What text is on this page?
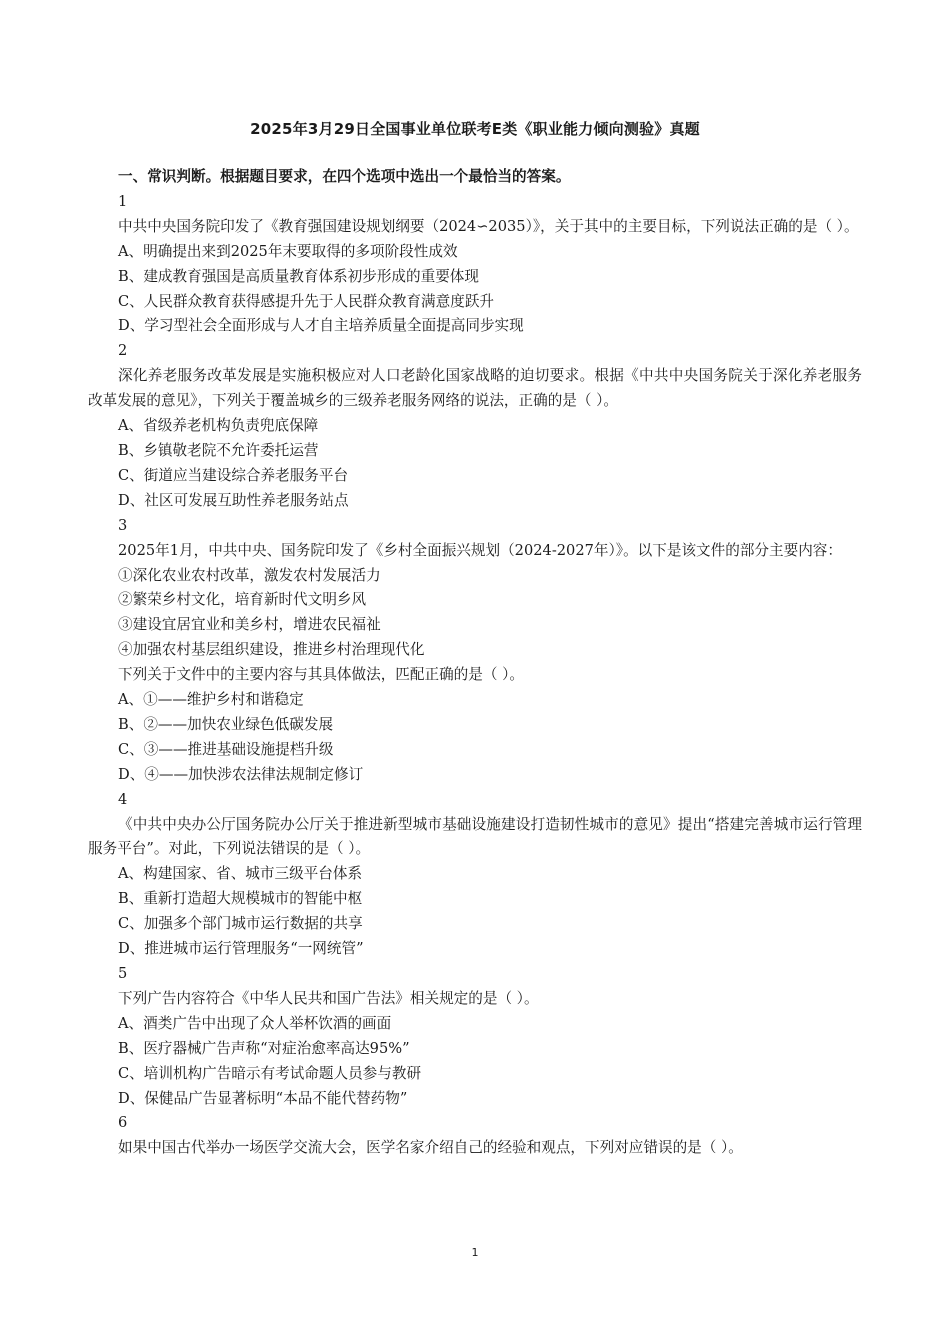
2025年3月29日全国事业单位联考E类《职业能力倾向测验》真题
一、常识判断。根据题目要求，在四个选项中选出一个最恰当的答案。
1
中共中央国务院印发了《教育强国建设规划纲要（2024∽2035）》，关于其中的主要目标，下列说法正确的是（ ）。
A、明确提出来到2025年末要取得的多项阶段性成效
B、建成教育强国是高质量教育体系初步形成的重要体现
C、人民群众教育获得感提升先于人民群众教育满意度跃升
D、学习型社会全面形成与人才自主培养质量全面提高同步实现
2
深化养老服务改革发展是实施积极应对人口老龄化国家战略的迫切要求。根据《中共中央国务院关于深化养老服务改革发展的意见》，下列关于覆盖城乡的三级养老服务网络的说法，正确的是（ ）。
A、省级养老机构负责兜底保障
B、乡镇敬老院不允许委托运营
C、街道应当建设综合养老服务平台
D、社区可发展互助性养老服务站点
3
2025年1月，中共中央、国务院印发了《乡村全面振兴规划（2024-2027年）》。以下是该文件的部分主要内容：
①深化农业农村改革，激发农村发展活力
②繁荣乡村文化，培育新时代文明乡风
③建设宜居宜业和美乡村，增进农民福祉
④加强农村基层组织建设，推进乡村治理现代化
下列关于文件中的主要内容与其具体做法，匹配正确的是（ ）。
A、①——维护乡村和谐稳定
B、②——加快农业绿色低碳发展
C、③——推进基础设施提档升级
D、④——加快涉农法律法规制定修订
4
《中共中央办公厅国务院办公厅关于推进新型城市基础设施建设打造韧性城市的意见》提出“搭建完善城市运行管理服务平台”。对此，下列说法错误的是（ ）。
A、构建国家、省、城市三级平台体系
B、重新打造超大规模城市的智能中枢
C、加强多个部门城市运行数据的共享
D、推进城市运行管理服务“一网统管”
5
下列广告内容符合《中华人民共和国广告法》相关规定的是（ ）。
A、酒类广告中出现了众人举杯饮酒的画面
B、医疗器械广告声称“对症治愈率高达95%”
C、培训机构广告暗示有考试命题人员参与教研
D、保健品广告显著标明“本品不能代替药物”
6
如果中国古代举办一场医学交流大会，医学名家介绍自己的经验和观点，下列对应错误的是（ ）。
1
